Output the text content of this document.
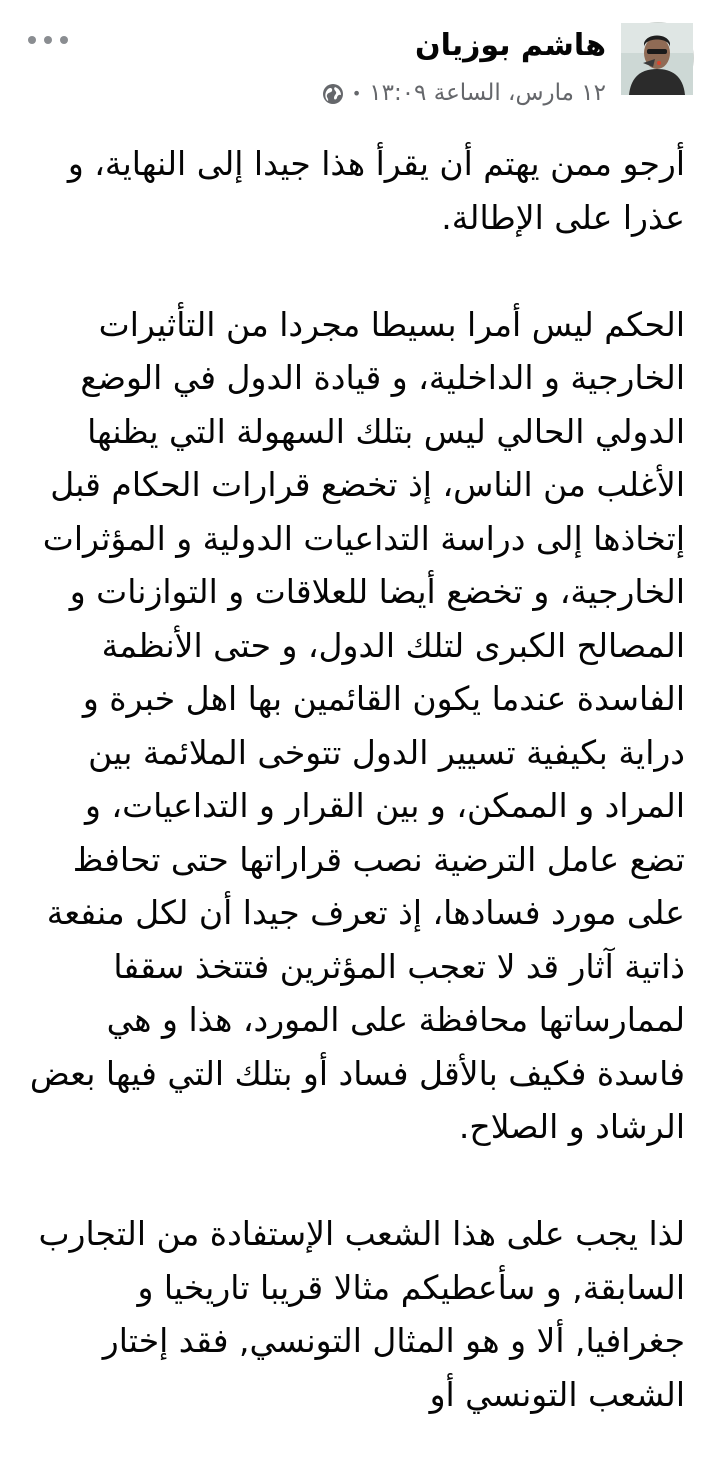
هاشم بوزيان
١٢ مارس، الساعة ١٣:٠٩
•

أرجو ممن يهتم أن يقرأ هذا جيدا إلى النهاية، و عذرا على الإطالة.

الحكم ليس أمرا بسيطا مجردا من التأثيرات الخارجية و الداخلية، و قيادة الدول في الوضع الدولي الحالي ليس بتلك السهولة التي يظنها الأغلب من الناس، إذ تخضع قرارات الحكام قبل إتخاذها إلى دراسة التداعيات الدولية و المؤثرات الخارجية، و تخضع أيضا للعلاقات و التوازنات و المصالح الكبرى لتلك الدول، و حتى الأنظمة الفاسدة عندما يكون القائمين بها اهل خبرة و دراية بكيفية تسيير الدول تتوخى الملائمة بين المراد و الممكن، و بين القرار و التداعيات، و تضع عامل الترضية نصب قراراتها حتى تحافظ على مورد فسادها، إذ تعرف جيدا أن لكل منفعة ذاتية آثار قد لا تعجب المؤثرين فتتخذ سقفا لممارساتها محافظة على المورد، هذا و هي فاسدة فكيف بالأقل فساد أو بتلك التي فيها بعض الرشاد و الصلاح.

لذا يجب على هذا الشعب الإستفادة من التجارب السابقة, و سأعطيكم مثالا قريبا تاريخيا و جغرافيا, ألا و هو المثال التونسي, فقد إختار الشعب التونسي أو
